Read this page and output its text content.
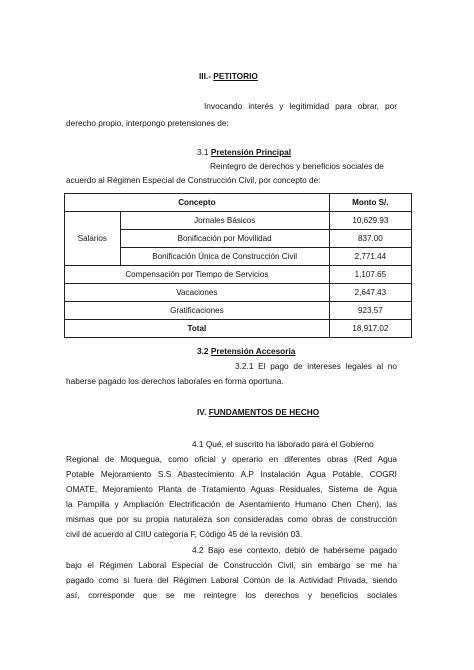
III.- PETITORIO
Invocando interés y legitimidad para obrar, por
derecho propio, interpongo pretensiones de:
3.1 Pretensión Principal
Reintegro de derechos y beneficios sociales de
acuerdo al Régimen Especial de Construcción Civil, por concepto de:
Concepto		Monto S/.
Salarios	Jornales Básicos	10,629.93
	Bonificación por Movilidad	837.00
	Bonificación Única de Construcción Civil	2,771.44
Compensación por Tiempo de Servicios		1,107.65
Vacaciones		2,647.43
Gratificaciones		923.57
Total		18,917.02
3.2 Pretensión Accesoria
3.2.1 El pago de intereses legales al no
haberse pagado los derechos laborales en forma oportuna.
IV. FUNDAMENTOS DE HECHO
4.1 Qué, el suscrito ha laborado para el Gobierno
Regional de Moquegua, como oficial y operario en diferentes obras (Red Agua
Potable Mejoramiento S.S Abastecimiento A.P Instalación Agua Potable, COGRI
OMATE, Mejoramiento Planta de Tratamiento Aguas Residuales, Sistema de Agua
la Pampilla y Ampliación Electrificación de Asentamiento Humano Chen Chen), las
mismas que por su propia naturaleza son consideradas como obras de construcción
civil de acuerdo al CIIU categoría F, Código 45 de la revisión 03.
4.2 Bajo ese contexto, debió de habérseme pagado
bajo el Régimen Laboral Especial de Construcción Civil, sin embargo se me ha
pagado como si fuera del Régimen Laboral Común de la Actividad Privada, siendo
así, corresponde que se me reintegre los derechos y beneficios sociales
